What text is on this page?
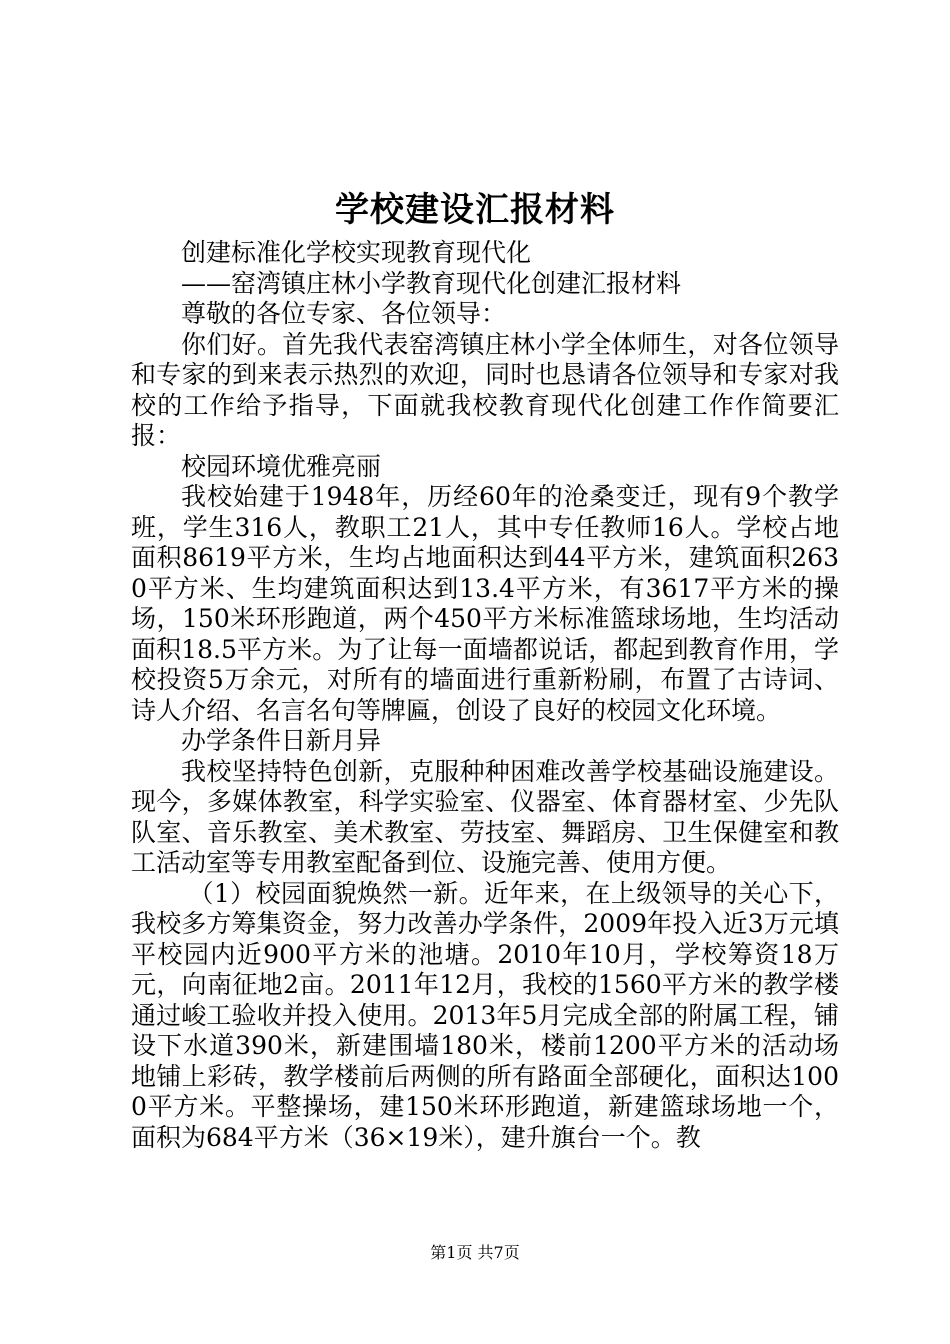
学校建设汇报材料

创建标准化学校实现教育现代化

——窑湾镇庄林小学教育现代化创建汇报材料

尊敬的各位专家、各位领导：

你们好。首先我代表窑湾镇庄林小学全体师生，对各位领导和专家的到来表示热烈的欢迎，同时也恳请各位领导和专家对我校的工作给予指导，下面就我校教育现代化创建工作作简要汇报：

校园环境优雅亮丽

我校始建于1948年，历经60年的沧桑变迁，现有9个教学班，学生316人，教职工21人，其中专任教师16人。学校占地面积8619平方米，生均占地面积达到44平方米，建筑面积2630平方米、生均建筑面积达到13.4平方米，有3617平方米的操场，150米环形跑道，两个450平方米标准篮球场地，生均活动面积18.5平方米。为了让每一面墙都说话，都起到教育作用，学校投资5万余元，对所有的墙面进行重新粉刷，布置了古诗词、诗人介绍、名言名句等牌匾，创设了良好的校园文化环境。

办学条件日新月异

我校坚持特色创新，克服种种困难改善学校基础设施建设。现今，多媒体教室，科学实验室、仪器室、体育器材室、少先队队室、音乐教室、美术教室、劳技室、舞蹈房、卫生保健室和教工活动室等专用教室配备到位、设施完善、使用方便。

（1）校园面貌焕然一新。近年来，在上级领导的关心下，我校多方筹集资金，努力改善办学条件，2009年投入近3万元填平校园内近900平方米的池塘。2010年10月，学校筹资18万元，向南征地2亩。2011年12月，我校的1560平方米的教学楼通过峻工验收并投入使用。2013年5月完成全部的附属工程，铺设下水道390米，新建围墙180米，楼前1200平方米的活动场地铺上彩砖，教学楼前后两侧的所有路面全部硬化，面积达1000平方米。平整操场，建150米环形跑道，新建篮球场地一个，面积为684平方米（36×19米），建升旗台一个。教

第1页 共7页
